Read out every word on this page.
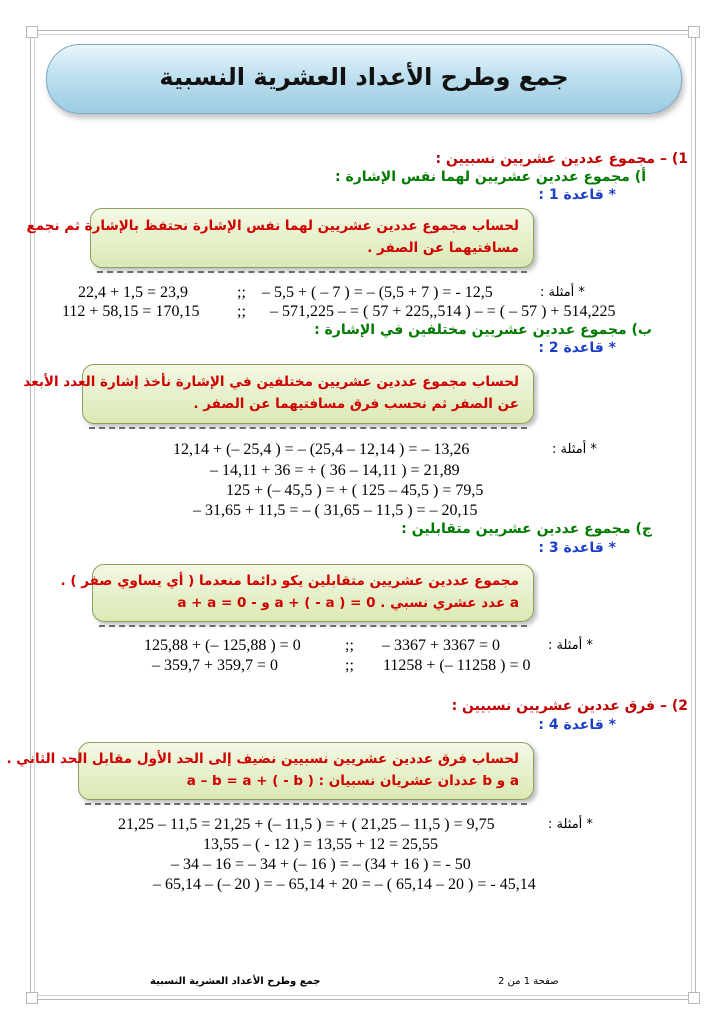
جمع وطرح الأعداد العشرية النسبية
1) – مجموع عددين عشريين نسبيين :
أ) مجموع عددين عشريين لهما نفس الإشارة :
* قاعدة 1 :
لحساب مجموع عددين عشريين لهما نفس الإشارة نحتفظ بالإشارة ثم نجمع
مسافتيهما عن الصفر .
* أمثلة :
22,4 + 1,5 = 23,9	;; 12,5 - = ( 7 + 5,5) – = ( 7 – ) + 5,5 –
112 + 58,15 = 170,15 ;; 514,225 + ( 57 – ) = – ( 514,,225 + 57 ) = – 571,225 –
ب) مجموع عددين عشريين مختلفين في الإشارة :
* قاعدة 2 :
لحساب مجموع عددين عشريين مختلفين في الإشارة نأخذ إشارة العدد الأبعد
عن الصفر ثم نحسب فرق مسافتيهما عن الصفر .
* أمثلة :
12,14 + (– 25,4 ) = – (25,4 – 12,14 ) = – 13,26
– 14,11 + 36 = + ( 36 – 14,11 ) = 21,89
125 + (– 45,5 ) = + ( 125 – 45,5 ) = 79,5
– 31,65 + 11,5 = – ( 31,65 – 11,5 ) = – 20,15
ج) مجموع عددين عشريين متقابلين :
* قاعدة 3 :
مجموع عددين عشريين متقابلين يكو دائما منعدما ( أي يساوي صفر ) .
a عدد عشري نسبي . a + ( - a ) = 0 و - a + a = 0
* أمثلة :
125,88 + (– 125,88 ) = 0	;; – 3367 + 3367 = 0
– 359,7 + 359,7 = 0	;; 11258 + (– 11258 ) = 0
2) – فرق عددين عشريين نسبيين :
* قاعدة 4 :
لحساب فرق عددين عشريين نسبيين نضيف إلى الحد الأول مقابل الحد الثاني .
a و b عددان عشريان نسبيان : a – b = a + ( - b )
* أمثلة :
21,25 – 11,5 = 21,25 + (– 11,5 ) = + ( 21,25 – 11,5 ) = 9,75
13,55 – ( - 12 ) = 13,55 + 12 = 25,55
– 34 – 16 = – 34 + (– 16 ) = – (34 + 16 ) = - 50
– 65,14 – (– 20 ) = – 65,14 + 20 = – ( 65,14 – 20 ) = - 45,14
صفحة 1 من 2
جمع وطرح الأعداد العشرية النسبية
